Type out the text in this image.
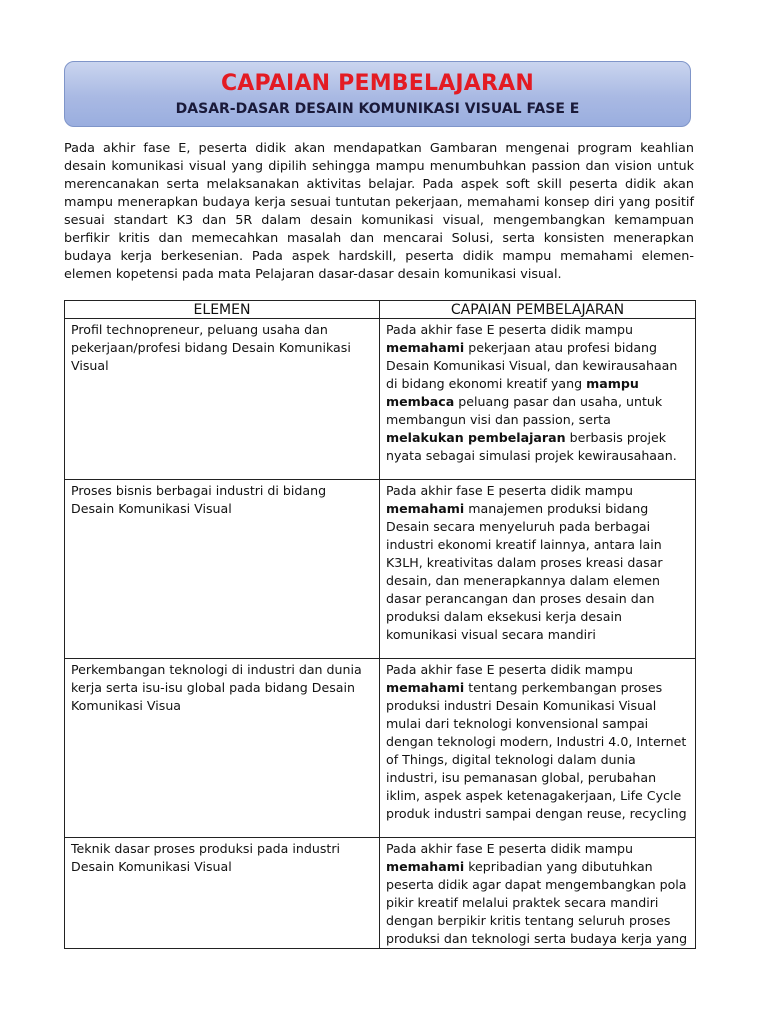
CAPAIAN PEMBELAJARAN
DASAR-DASAR DESAIN KOMUNIKASI VISUAL FASE E

Pada akhir fase E, peserta didik akan mendapatkan Gambaran mengenai program keahlian desain komunikasi visual yang dipilih sehingga mampu menumbuhkan passion dan vision untuk merencanakan serta melaksanakan aktivitas belajar. Pada aspek soft skill peserta didik akan mampu menerapkan budaya kerja sesuai tuntutan pekerjaan, memahami konsep diri yang positif sesuai standart K3 dan 5R dalam desain komunikasi visual, mengembangkan kemampuan berfikir kritis dan memecahkan masalah dan mencarai Solusi, serta konsisten menerapkan budaya kerja berkesenian. Pada aspek hardskill, peserta didik mampu memahami elemen-elemen kopetensi pada mata Pelajaran dasar-dasar desain komunikasi visual.

ELEMEN	CAPAIAN PEMBELAJARAN
Profil technopreneur, peluang usaha dan pekerjaan/profesi bidang Desain Komunikasi Visual	Pada akhir fase E peserta didik mampu memahami pekerjaan atau profesi bidang Desain Komunikasi Visual, dan kewirausahaan di bidang ekonomi kreatif yang mampu membaca peluang pasar dan usaha, untuk membangun visi dan passion, serta melakukan pembelajaran berbasis projek nyata sebagai simulasi projek kewirausahaan.
Proses bisnis berbagai industri di bidang Desain Komunikasi Visual	Pada akhir fase E peserta didik mampu memahami manajemen produksi bidang Desain secara menyeluruh pada berbagai industri ekonomi kreatif lainnya, antara lain K3LH, kreativitas dalam proses kreasi dasar desain, dan menerapkannya dalam elemen dasar perancangan dan proses desain dan produksi dalam eksekusi kerja desain komunikasi visual secara mandiri
Perkembangan teknologi di industri dan dunia kerja serta isu-isu global pada bidang Desain Komunikasi Visua	Pada akhir fase E peserta didik mampu memahami tentang perkembangan proses produksi industri Desain Komunikasi Visual mulai dari teknologi konvensional sampai dengan teknologi modern, Industri 4.0, Internet of Things, digital teknologi dalam dunia industri, isu pemanasan global, perubahan iklim, aspek aspek ketenagakerjaan, Life Cycle produk industri sampai dengan reuse, recycling
Teknik dasar proses produksi pada industri Desain Komunikasi Visual	Pada akhir fase E peserta didik mampu memahami kepribadian yang dibutuhkan peserta didik agar dapat mengembangkan pola pikir kreatif melalui praktek secara mandiri dengan berpikir kritis tentang seluruh proses produksi dan teknologi serta budaya kerja yang
